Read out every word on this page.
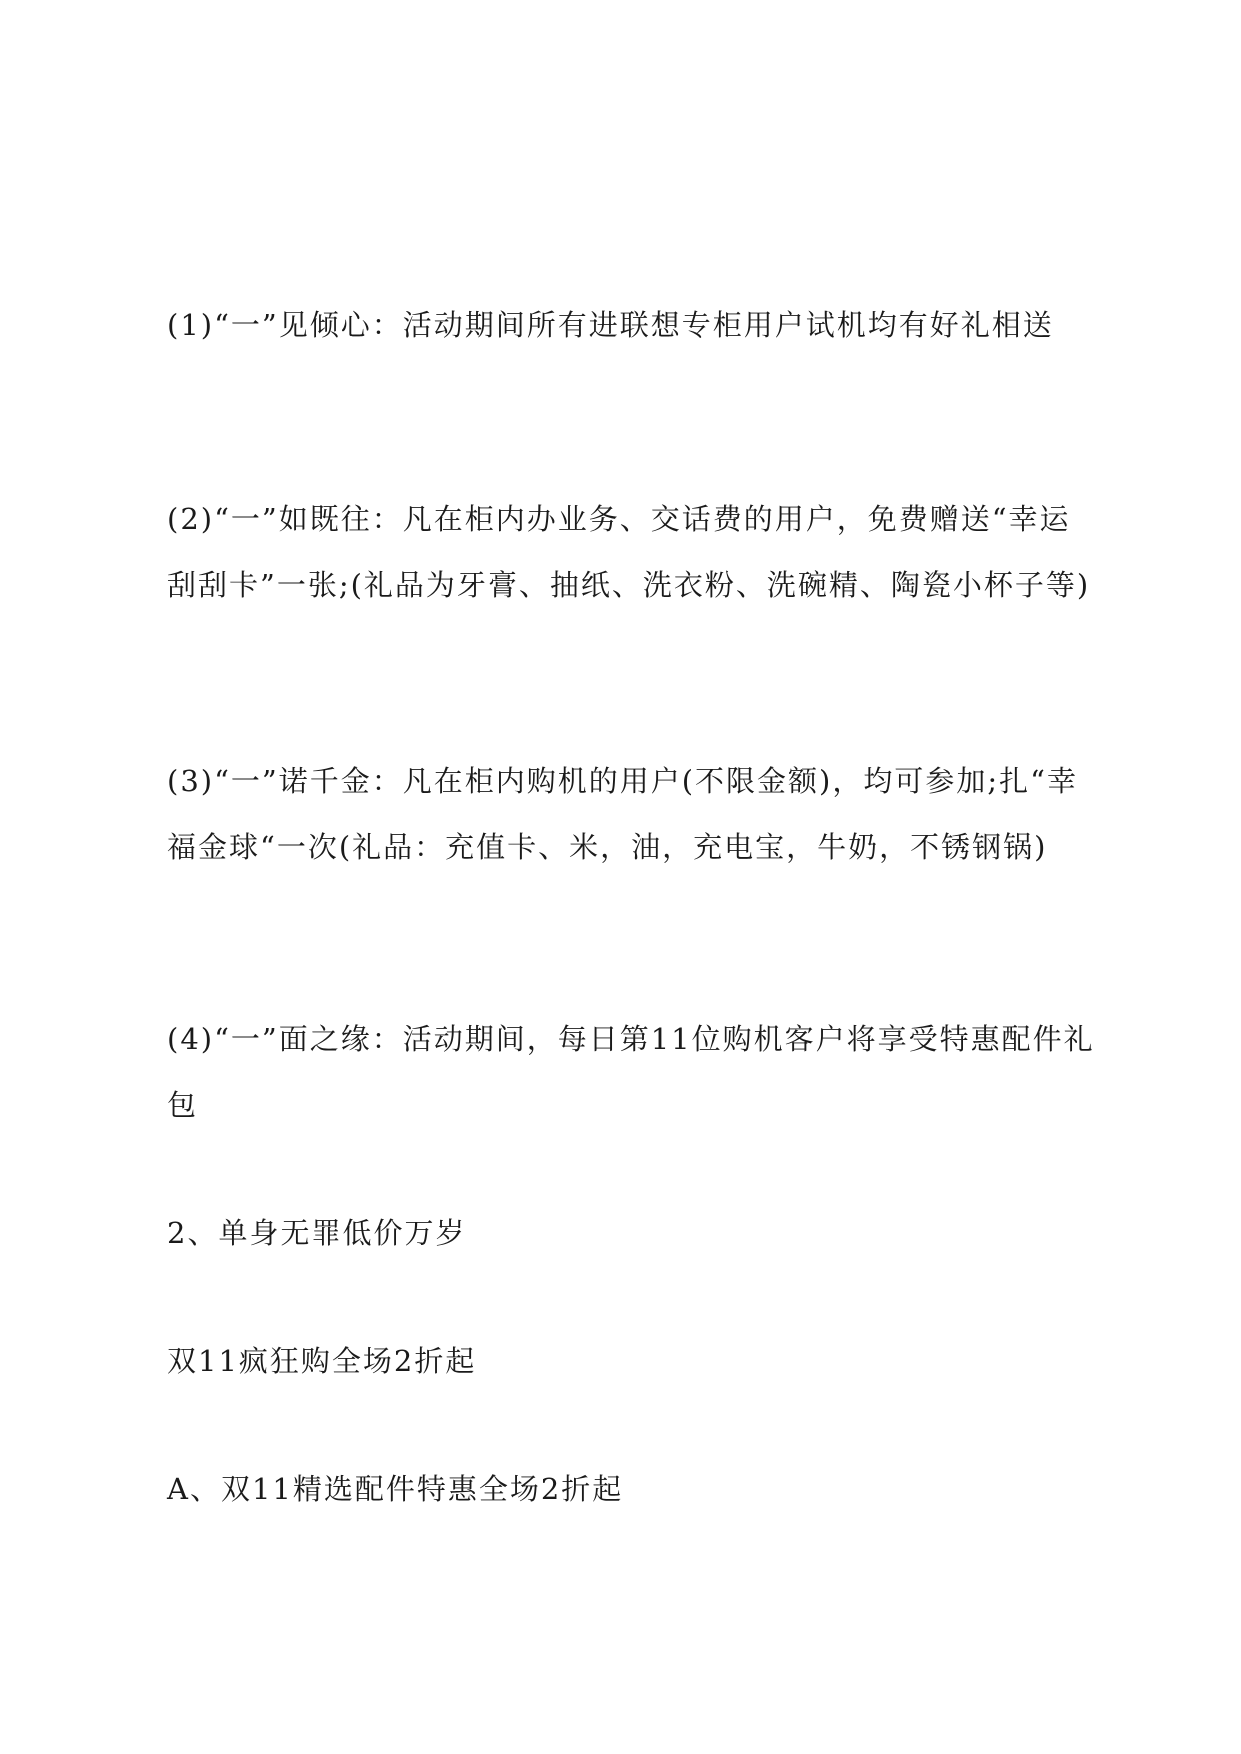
(1)“一”见倾心：活动期间所有进联想专柜用户试机均有好礼相送

(2)“一”如既往：凡在柜内办业务、交话费的用户，免费赠送“幸运刮刮卡”一张;(礼品为牙膏、抽纸、洗衣粉、洗碗精、陶瓷小杯子等)

(3)“一”诺千金：凡在柜内购机的用户(不限金额)，均可参加;扎“幸福金球“一次(礼品：充值卡、米，油，充电宝，牛奶，不锈钢锅)

(4)“一”面之缘：活动期间，每日第11位购机客户将享受特惠配件礼包

2、单身无罪低价万岁

双11疯狂购全场2折起

A、双11精选配件特惠全场2折起
